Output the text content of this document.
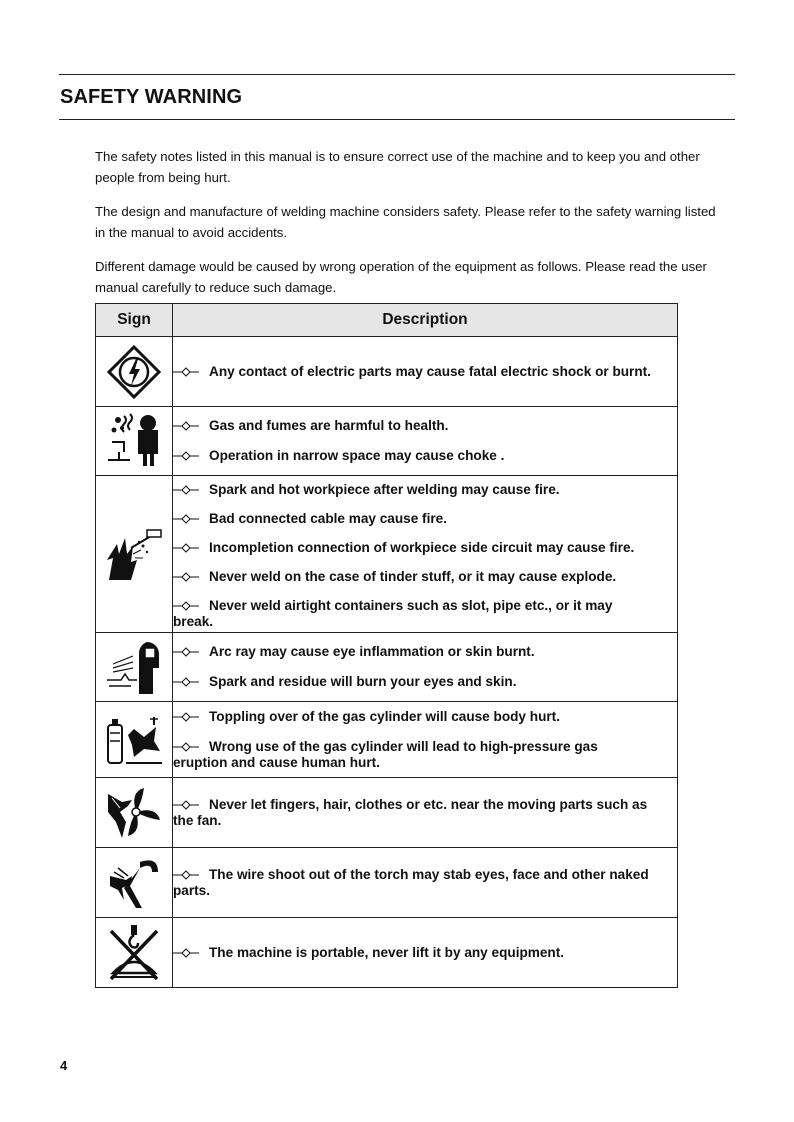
SAFETY WARNING

The safety notes listed in this manual is to ensure correct use of the machine and to keep you and other people from being hurt.

The design and manufacture of welding machine considers safety. Please refer to the safety warning listed in the manual to avoid accidents.

Different damage would be caused by wrong operation of the equipment as follows. Please read the user manual carefully to reduce such damage.

Sign	Description

Any contact of electric parts may cause fatal electric shock or burnt.

Gas and fumes are harmful to health.
Operation in narrow space may cause choke .

Spark and hot workpiece after welding may cause fire.
Bad connected cable may cause fire.
Incompletion connection of workpiece side circuit may cause fire.
Never weld on the case of tinder stuff, or it may cause explode.
Never weld airtight containers such as slot, pipe etc., or it may break.

Arc ray may cause eye inflammation or skin burnt.
Spark and residue will burn your eyes and skin.

Toppling over of the gas cylinder will cause body hurt.
Wrong use of the gas cylinder will lead to high-pressure gas eruption and cause human hurt.

Never let fingers, hair, clothes or etc. near the moving parts such as the fan.

The wire shoot out of the torch may stab eyes, face and other naked parts.

The machine is portable, never lift it by any equipment.
4
